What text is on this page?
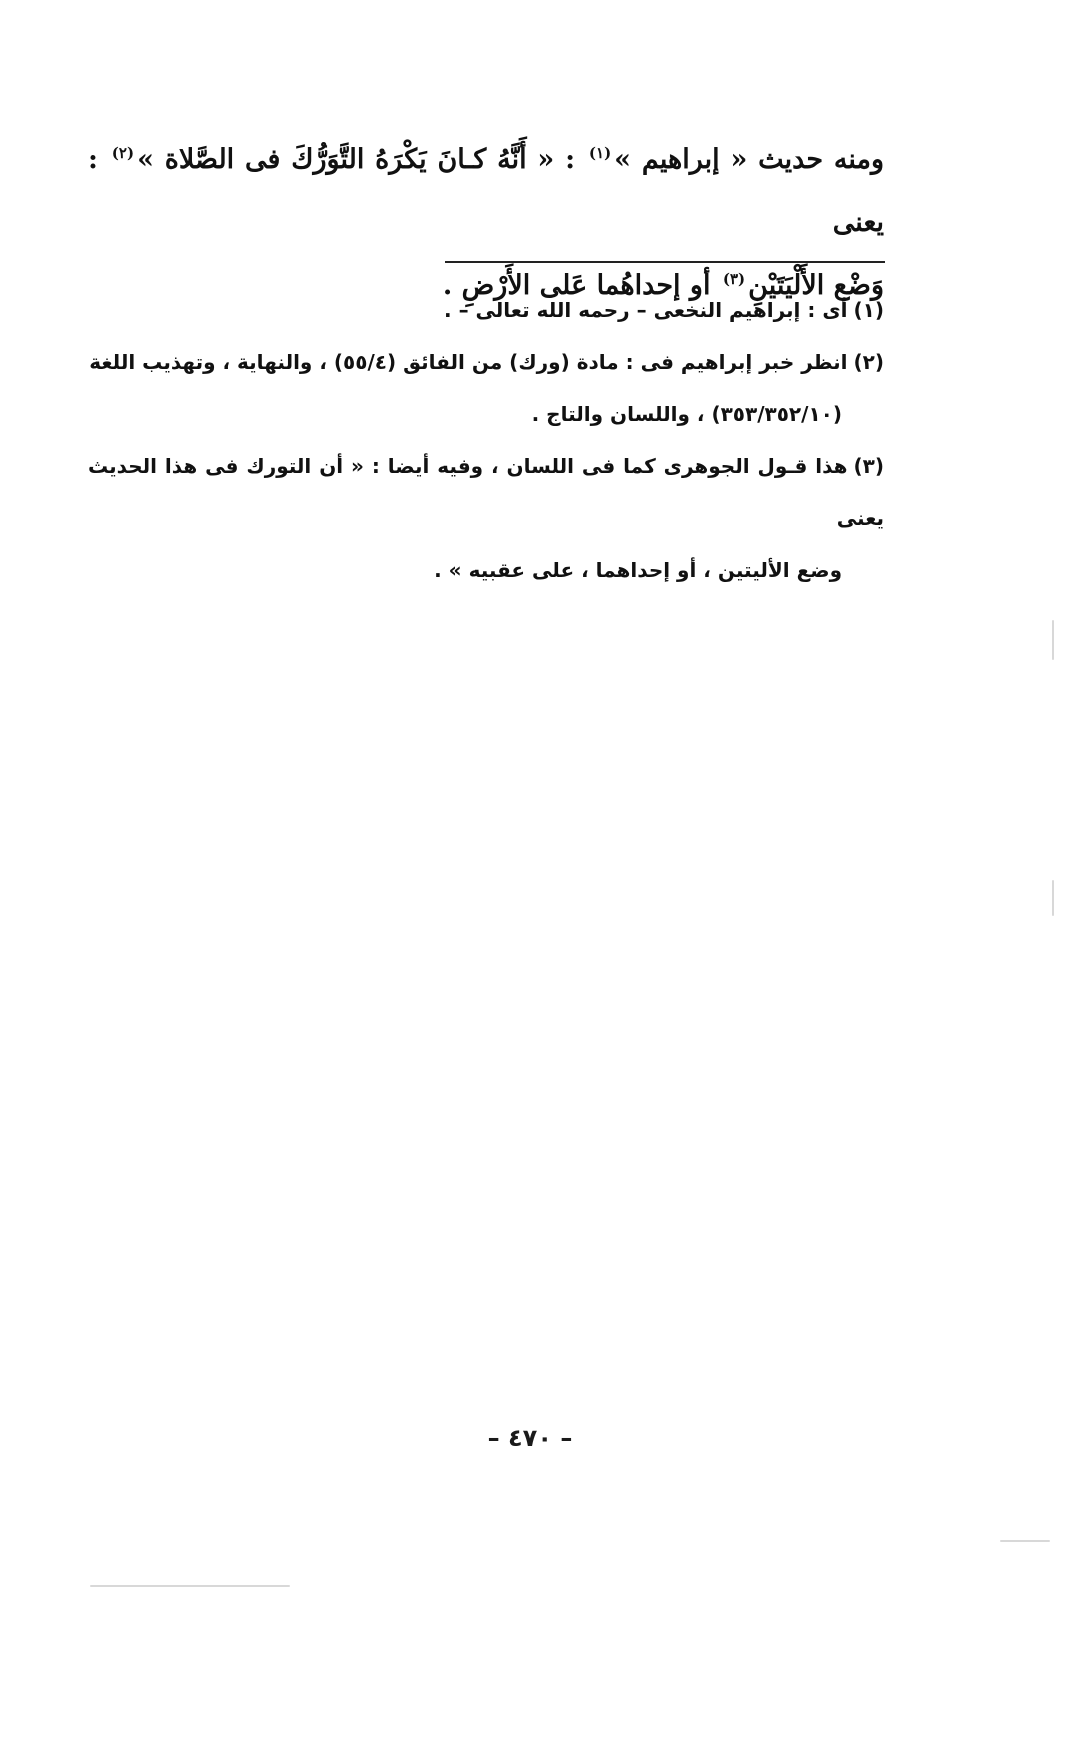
ومنه حديث « إبراهيم »$^{(١)}$ : « أَنَّهُ كـانَ يَكْرَهُ التَّوَرُّكَ فى الصَّلاة »$^{(٢)}$ : يعنى
وَضْع الأَلْيَتَيْنِ$^{(٣)}$ أو إحداهُما عَلى الأَرْضِ .

(١)أى : إبراهيم النخعى – رحمه الله تعالى – .

(٢)انظر خبر إبراهيم فى : مادة (ورك) من الفائق (٥٥/٤) ، والنهاية ، وتهذيب اللغة
(٣٥٣/٣٥٢/١٠) ، واللسان والتاج .

(٣)هذا قـول الجوهرى كما فى اللسان ، وفيه أيضا : « أن التورك فى هذا الحديث يعنى
وضع الأليتين ، أو إحداهما ، على عقبيه » .

– ٤٧٠ –
